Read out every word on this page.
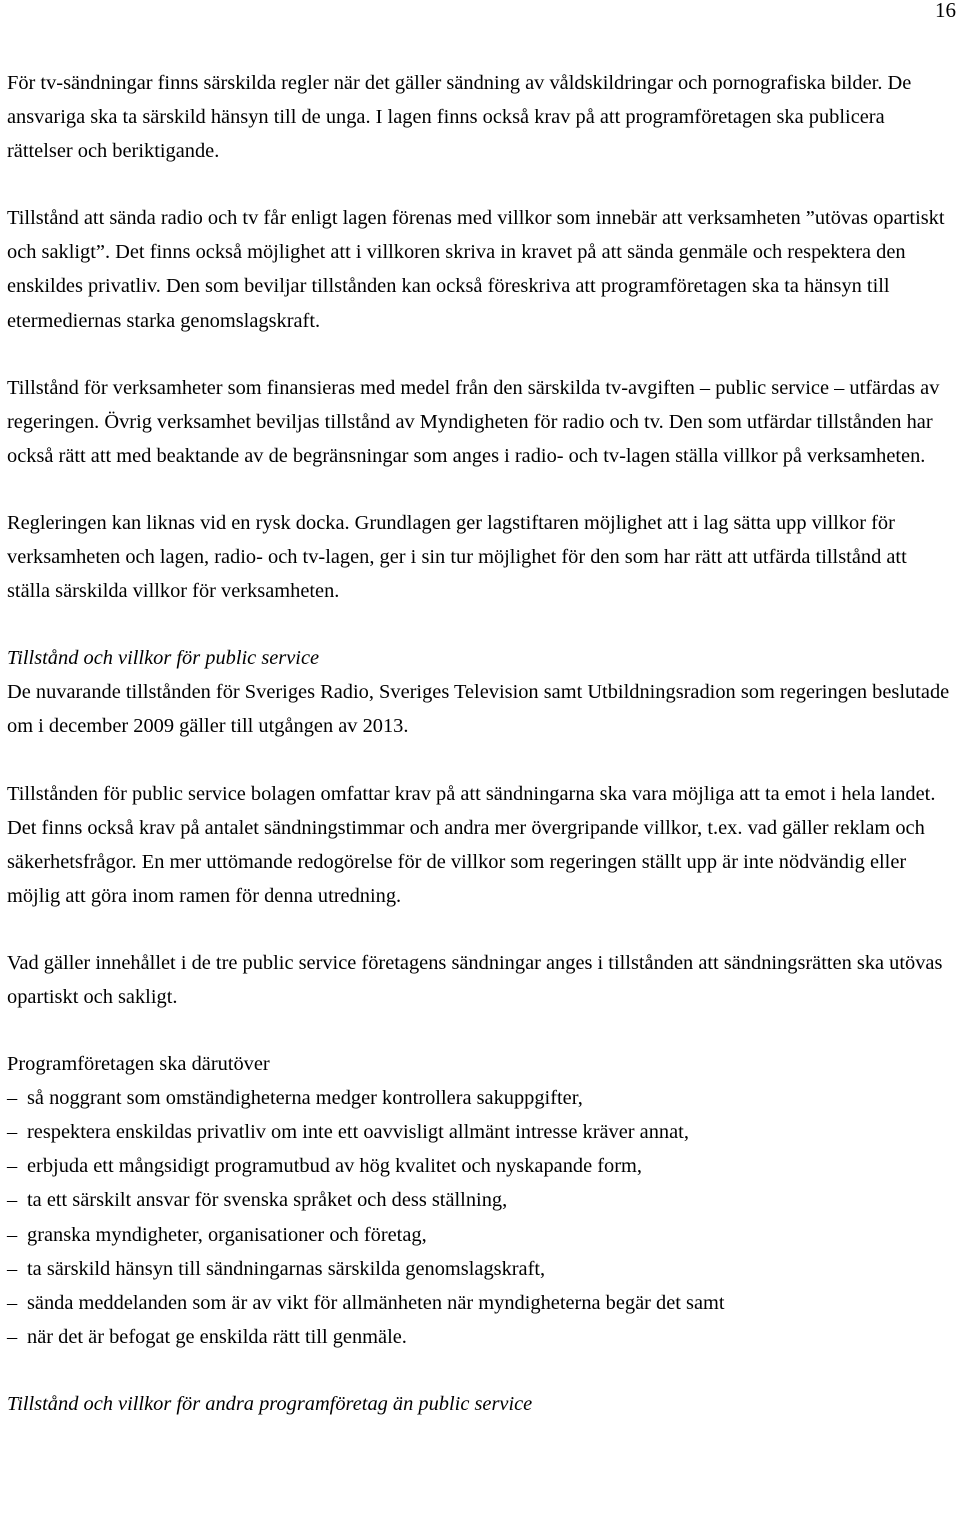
16

För tv-sändningar finns särskilda regler när det gäller sändning av våldskildringar och pornografiska bilder. De ansvariga ska ta särskild hänsyn till de unga. I lagen finns också krav på att programföretagen ska publicera rättelser och beriktigande.

Tillstånd att sända radio och tv får enligt lagen förenas med villkor som innebär att verksamheten ”utövas opartiskt och sakligt”. Det finns också möjlighet att i villkoren skriva in kravet på att sända genmäle och respektera den enskildes privatliv. Den som beviljar tillstånden kan också föreskriva att programföretagen ska ta hänsyn till etermediernas starka genomslagskraft.

Tillstånd för verksamheter som finansieras med medel från den särskilda tv-avgiften – public service – utfärdas av regeringen. Övrig verksamhet beviljas tillstånd av Myndigheten för radio och tv. Den som utfärdar tillstånden har också rätt att med beaktande av de begränsningar som anges i radio- och tv-lagen ställa villkor på verksamheten.

Regleringen kan liknas vid en rysk docka. Grundlagen ger lagstiftaren möjlighet att i lag sätta upp villkor för verksamheten och lagen, radio- och tv-lagen, ger i sin tur möjlighet för den som har rätt att utfärda tillstånd att ställa särskilda villkor för verksamheten.

Tillstånd och villkor för public service

De nuvarande tillstånden för Sveriges Radio, Sveriges Television samt Utbildningsradion som regeringen beslutade om i december 2009 gäller till utgången av 2013.

Tillstånden för public service bolagen omfattar krav på att sändningarna ska vara möjliga att ta emot i hela landet. Det finns också krav på antalet sändningstimmar och andra mer övergripande villkor, t.ex. vad gäller reklam och säkerhetsfrågor. En mer uttömande redogörelse för de villkor som regeringen ställt upp är inte nödvändig eller möjlig att göra inom ramen för denna utredning.

Vad gäller innehållet i de tre public service företagens sändningar anges i tillstånden att sändningsrätten ska utövas opartiskt och sakligt.

Programföretagen ska därutöver

– så noggrant som omständigheterna medger kontrollera sakuppgifter,
– respektera enskildas privatliv om inte ett oavvisligt allmänt intresse kräver annat,
– erbjuda ett mångsidigt programutbud av hög kvalitet och nyskapande form,
– ta ett särskilt ansvar för svenska språket och dess ställning,
– granska myndigheter, organisationer och företag,
– ta särskild hänsyn till sändningarnas särskilda genomslagskraft,
– sända meddelanden som är av vikt för allmänheten när myndigheterna begär det samt
– när det är befogat ge enskilda rätt till genmäle.

Tillstånd och villkor för andra programföretag än public service
